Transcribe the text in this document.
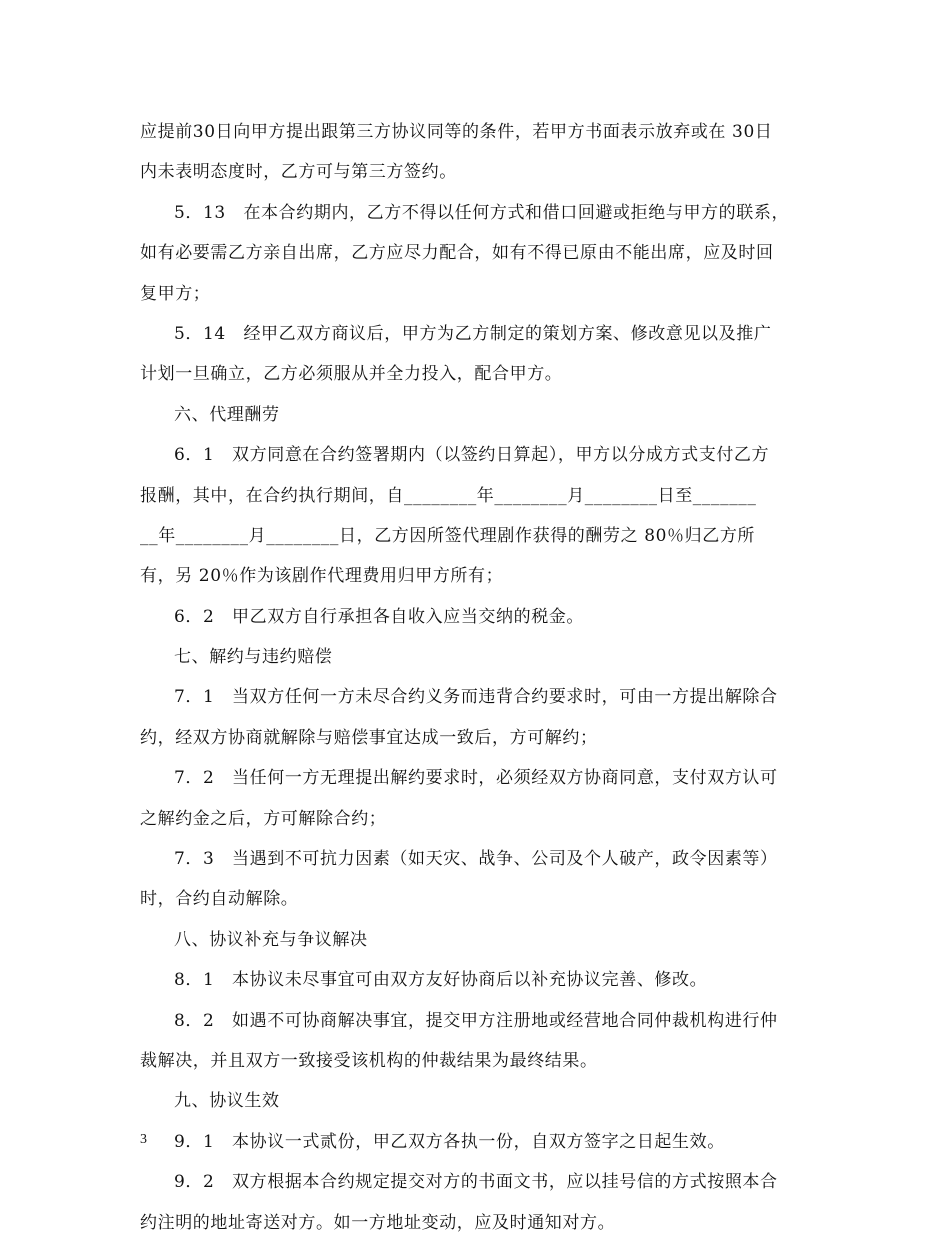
应提前30日向甲方提出跟第三方协议同等的条件，若甲方书面表示放弃或在 30日
内未表明态度时，乙方可与第三方签约。
5．13　在本合约期内，乙方不得以任何方式和借口回避或拒绝与甲方的联系，
如有必要需乙方亲自出席，乙方应尽力配合，如有不得已原由不能出席，应及时回
复甲方；
5．14　经甲乙双方商议后，甲方为乙方制定的策划方案、修改意见以及推广
计划一旦确立，乙方必须服从并全力投入，配合甲方。
六、代理酬劳
6．1　双方同意在合约签署期内（以签约日算起），甲方以分成方式支付乙方
报酬，其中，在合约执行期间，自________年________月________日至_______
__年________月________日，乙方因所签代理剧作获得的酬劳之 80％归乙方所
有，另 20％作为该剧作代理费用归甲方所有；
6．2　甲乙双方自行承担各自收入应当交纳的税金。
七、解约与违约赔偿
7．1　当双方任何一方未尽合约义务而违背合约要求时，可由一方提出解除合
约，经双方协商就解除与赔偿事宜达成一致后，方可解约；
7．2　当任何一方无理提出解约要求时，必须经双方协商同意，支付双方认可
之解约金之后，方可解除合约；
7．3　当遇到不可抗力因素（如天灾、战争、公司及个人破产，政令因素等）
时，合约自动解除。
八、协议补充与争议解决
8．1　本协议未尽事宜可由双方友好协商后以补充协议完善、修改。
8．2　如遇不可协商解决事宜，提交甲方注册地或经营地合同仲裁机构进行仲
裁解决，并且双方一致接受该机构的仲裁结果为最终结果。
九、协议生效
9．1　本协议一式贰份，甲乙双方各执一份，自双方签字之日起生效。
9．2　双方根据本合约规定提交对方的书面文书，应以挂号信的方式按照本合
约注明的地址寄送对方。如一方地址变动，应及时通知对方。
3
